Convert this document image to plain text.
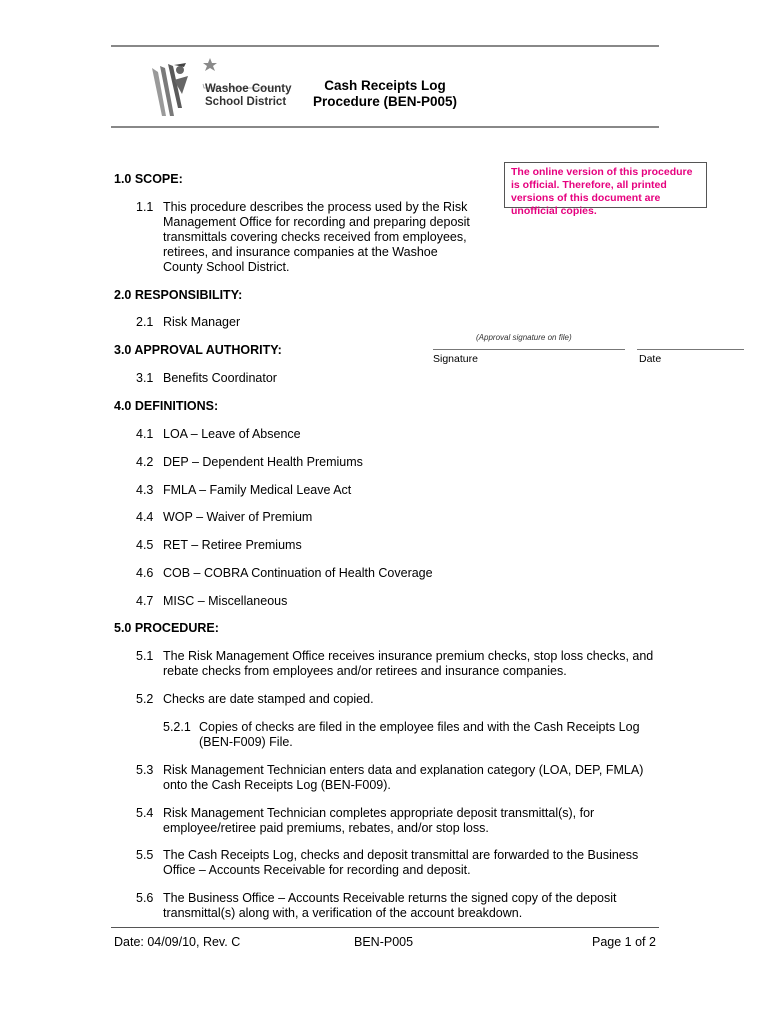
Washoe County
School District
Cash Receipts Log
Procedure (BEN-P005)
The online version of this procedure is official. Therefore, all printed versions of this document are unofficial copies.
1.0 SCOPE:
1.1 This procedure describes the process used by the Risk
Management Office for recording and preparing deposit
transmittals covering checks received from employees,
retirees, and insurance companies at the Washoe
County School District.
2.0 RESPONSIBILITY:
2.1 Risk Manager
(Approval signature on file)
Signature	Date
3.0 APPROVAL AUTHORITY:
3.1 Benefits Coordinator
4.0 DEFINITIONS:
4.1 LOA – Leave of Absence
4.2 DEP – Dependent Health Premiums
4.3 FMLA – Family Medical Leave Act
4.4 WOP – Waiver of Premium
4.5 RET – Retiree Premiums
4.6 COB – COBRA Continuation of Health Coverage
4.7 MISC – Miscellaneous
5.0 PROCEDURE:
5.1 The Risk Management Office receives insurance premium checks, stop loss checks, and
rebate checks from employees and/or retirees and insurance companies.
5.2 Checks are date stamped and copied.
5.2.1 Copies of checks are filed in the employee files and with the Cash Receipts Log
(BEN-F009) File.
5.3 Risk Management Technician enters data and explanation category (LOA, DEP, FMLA)
onto the Cash Receipts Log (BEN-F009).
5.4 Risk Management Technician completes appropriate deposit transmittal(s), for
employee/retiree paid premiums, rebates, and/or stop loss.
5.5 The Cash Receipts Log, checks and deposit transmittal are forwarded to the Business
Office – Accounts Receivable for recording and deposit.
5.6 The Business Office – Accounts Receivable returns the signed copy of the deposit
transmittal(s) along with, a verification of the account breakdown.
Date: 04/09/10, Rev. C	BEN-P005	Page 1 of 2
